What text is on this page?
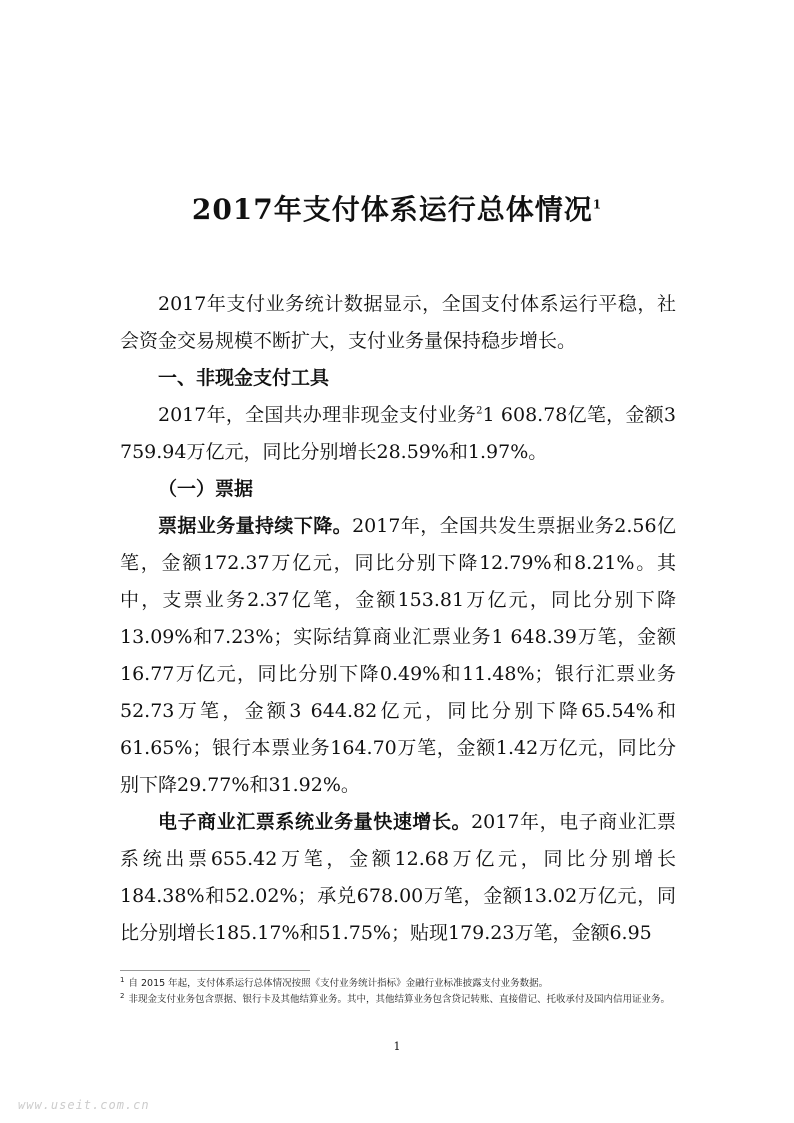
2017年支付体系运行总体情况$^1$

2017年支付业务统计数据显示，全国支付体系运行平稳，社会资金交易规模不断扩大，支付业务量保持稳步增长。

一、非现金支付工具

2017年，全国共办理非现金支付业务$^2$1 608.78亿笔，金额3 759.94万亿元，同比分别增长28.59%和1.97%。

（一）票据

票据业务量持续下降。2017年，全国共发生票据业务2.56亿笔，金额172.37万亿元，同比分别下降12.79%和8.21%。其中，支票业务2.37亿笔，金额153.81万亿元，同比分别下降13.09%和7.23%；实际结算商业汇票业务1 648.39万笔，金额16.77万亿元，同比分别下降0.49%和11.48%；银行汇票业务52.73万笔，金额3 644.82亿元，同比分别下降65.54%和61.65%；银行本票业务164.70万笔，金额1.42万亿元，同比分别下降29.77%和31.92%。

电子商业汇票系统业务量快速增长。2017年，电子商业汇票系统出票655.42万笔，金额12.68万亿元，同比分别增长184.38%和52.02%；承兑678.00万笔，金额13.02万亿元，同比分别增长185.17%和51.75%；贴现179.23万笔，金额6.95

$^1$ 自 2015 年起，支付体系运行总体情况按照《支付业务统计指标》金融行业标准披露支付业务数据。

$^2$ 非现金支付业务包含票据、银行卡及其他结算业务。其中，其他结算业务包含贷记转账、直接借记、托收承付及国内信用证业务。

1
www.useit.com.cn
